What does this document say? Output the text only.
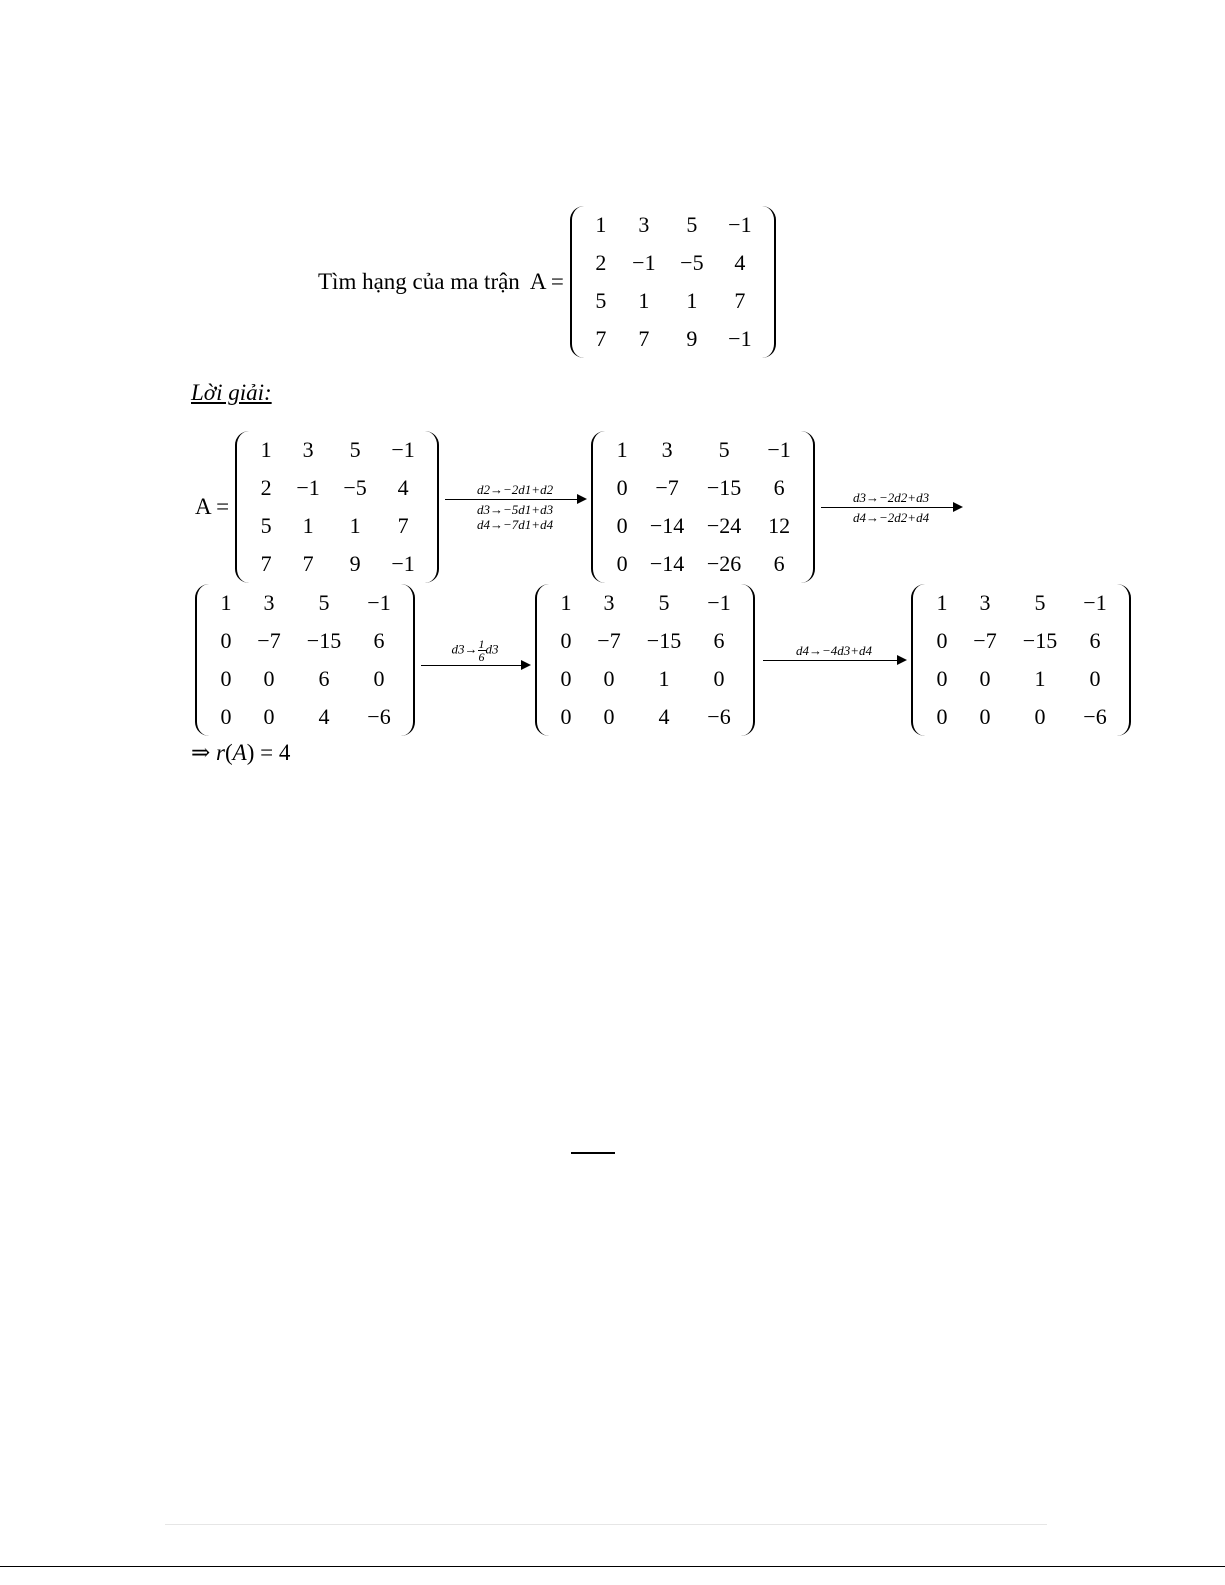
Tìm hạng của ma trận A =
1	3	5	−1
2	−1	−5	4
5	1	1	7
7	7	9	−1
Lời giải:
A =
1	3	5	−1
2	−1	−5	4
5	1	1	7
7	7	9	−1
d2→−2d1+d2
d3→−5d1+d3
d4→−7d1+d4
1	3	5	−1
0	−7	−15	6
0	−14	−24	12
0	−14	−26	6
d3→−2d2+d3
d4→−2d2+d4
1	3	5	−1
0	−7	−15	6
0	0	6	0
0	0	4	−6
$d3\to \frac{1}{6} d3$

1	3	5	−1
0	−7	−15	6
0	0	1	0
0	0	4	−6
d4→−4d3+d4

1	3	5	−1
0	−7	−15	6
0	0	1	0
0	0	0	−6
⇒ r(A) = 4
